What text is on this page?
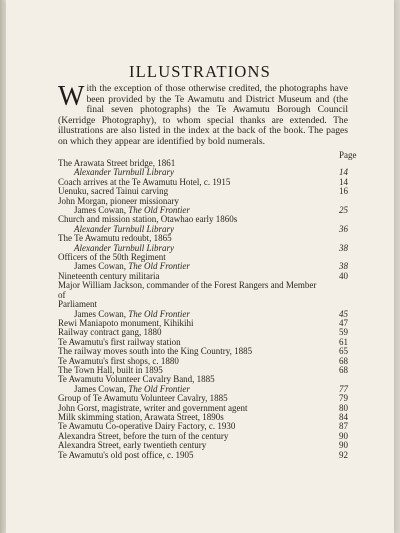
ILLUSTRATIONS
With the exception of those otherwise credited, the photographs have been provided by the Te Awamutu and District Museum and (the final seven photographs) the Te Awamutu Borough Council (Kerridge Photography), to whom special thanks are extended. The illustrations are also listed in the index at the back of the book. The pages on which they appear are identified by bold numerals.
Page
The Arawata Street bridge, 1861
Alexander Turnbull Library	14
Coach arrives at the Te Awamutu Hotel, c. 1915	14
Uenuku, sacred Tainui carving	16
John Morgan, pioneer missionary
James Cowan, The Old Frontier	25
Church and mission station, Otawhao early 1860s
Alexander Turnbull Library	36
The Te Awamutu redoubt, 1865
Alexander Turnbull Library	38
Officers of the 50th Regiment
James Cowan, The Old Frontier	38
Nineteenth century militaria	40
Major William Jackson, commander of the Forest Rangers and Member of
Parliament
James Cowan, The Old Frontier	45
Rewi Maniapoto monument, Kihikihi	47
Railway contract gang, 1880	59
Te Awamutu's first railway station	61
The railway moves south into the King Country, 1885	65
Te Awamutu's first shops, c. 1880	68
The Town Hall, built in 1895	68
Te Awamutu Volunteer Cavalry Band, 1885
James Cowan, The Old Frontier	77
Group of Te Awamutu Volunteer Cavalry, 1885	79
John Gorst, magistrate, writer and government agent	80
Milk skimming station, Arawata Street, 1890s	84
Te Awamutu Co-operative Dairy Factory, c. 1930	87
Alexandra Street, before the turn of the century	90
Alexandra Street, early twentieth century	90
Te Awamutu's old post office, c. 1905	92
